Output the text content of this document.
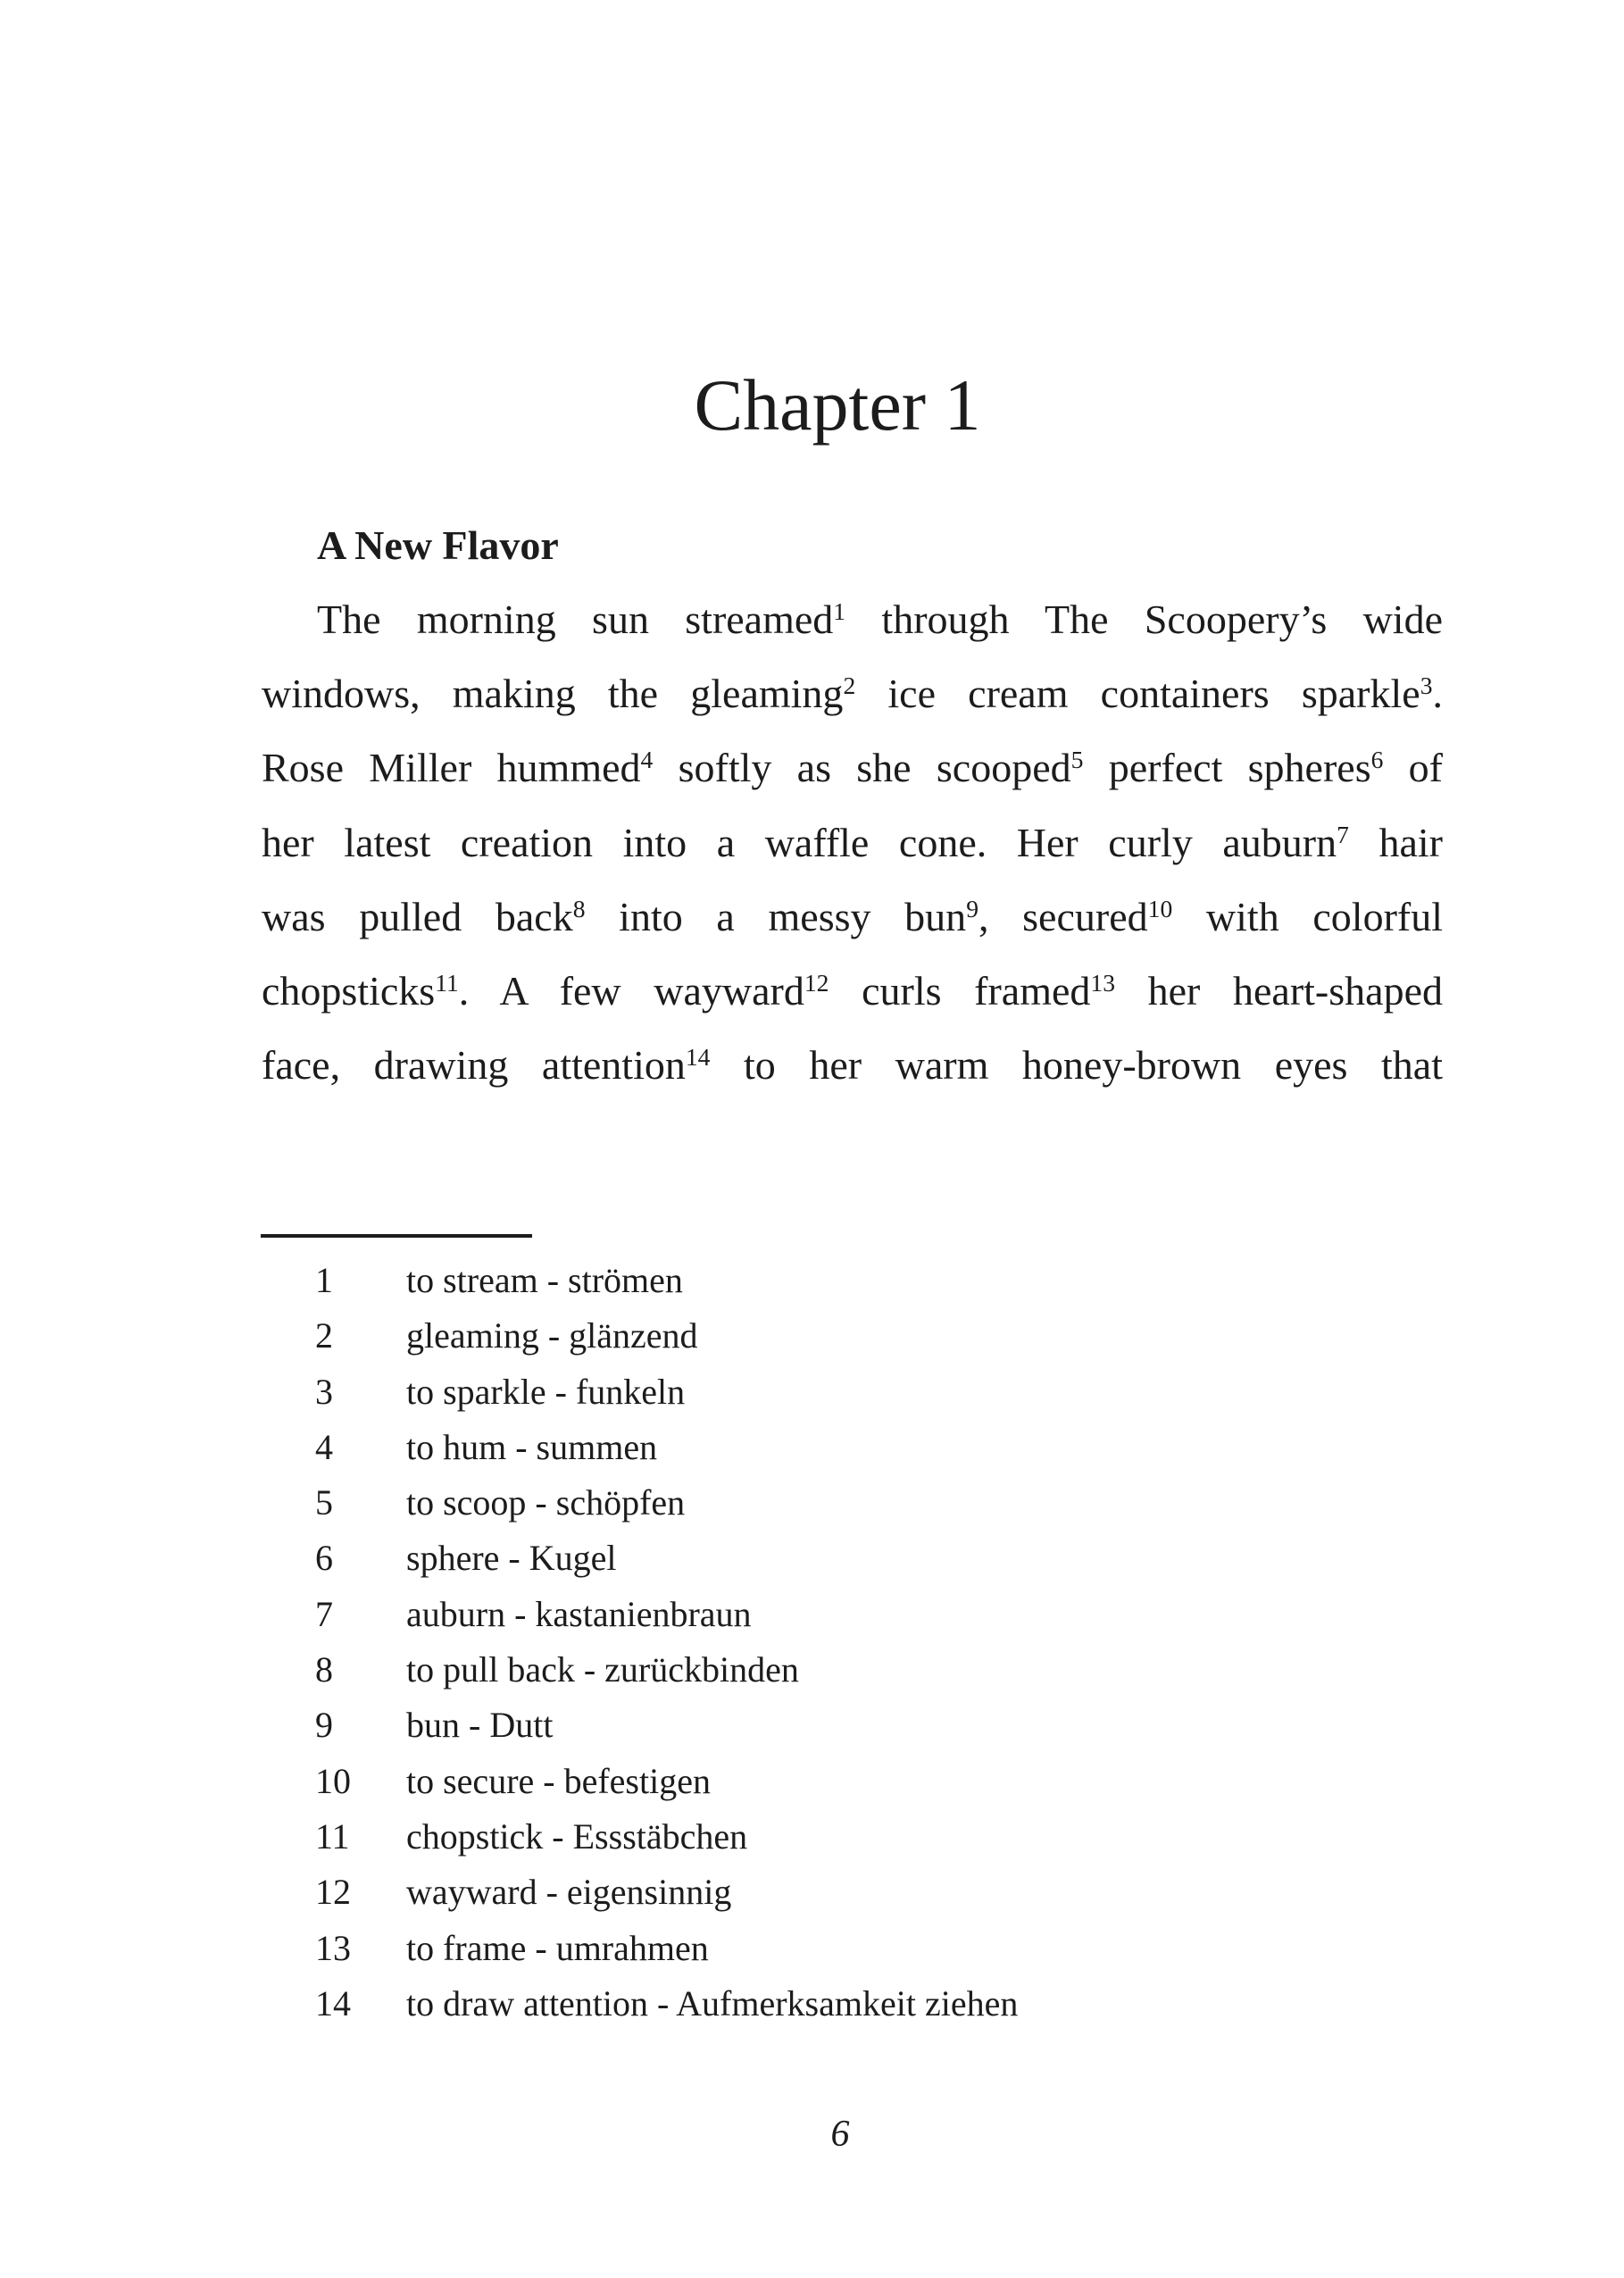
Chapter 1
A New Flavor
The morning sun streamed$^1$ through The Scoopery’s wide
windows, making the gleaming$^2$ ice cream containers sparkle$^3$.
Rose Miller hummed$^4$ softly as she scooped$^5$ perfect spheres$^6$ of
her latest creation into a waffle cone. Her curly auburn$^7$ hair
was pulled back$^8$ into a messy bun$^9$, secured$^{10}$ with colorful
chopsticks$^{11}$. A few wayward$^{12}$ curls framed$^{13}$ her heart-shaped
face, drawing attention$^{14}$ to her warm honey-brown eyes that
1 to stream - strömen
2 gleaming - glänzend
3 to sparkle - funkeln
4 to hum - summen
5 to scoop - schöpfen
6 sphere - Kugel
7 auburn - kastanienbraun
8 to pull back - zurückbinden
9 bun - Dutt
10 to secure - befestigen
11 chopstick - Essstäbchen
12 wayward - eigensinnig
13 to frame - umrahmen
14 to draw attention - Aufmerksamkeit ziehen
6
